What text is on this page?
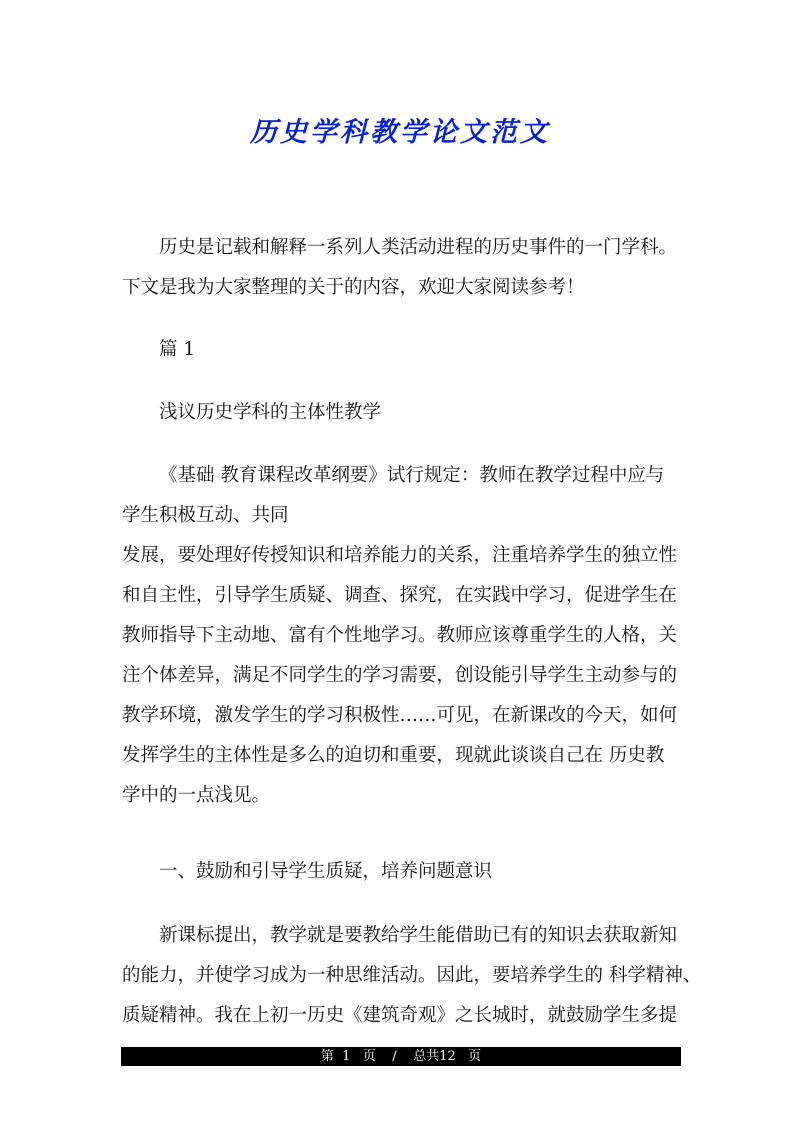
历史学科教学论文范文
历史是记载和解释一系列人类活动进程的历史事件的一门学科。
下文是我为大家整理的关于的内容，欢迎大家阅读参考！
篇 1
浅议历史学科的主体性教学
《基础 教育课程改革纲要》试行规定：教师在教学过程中应与
学生积极互动、共同
发展，要处理好传授知识和培养能力的关系，注重培养学生的独立性
和自主性，引导学生质疑、调查、探究，在实践中学习，促进学生在
教师指导下主动地、富有个性地学习。教师应该尊重学生的人格，关
注个体差异，满足不同学生的学习需要，创设能引导学生主动参与的
教学环境，激发学生的学习积极性……可见，在新课改的今天，如何
发挥学生的主体性是多么的迫切和重要，现就此谈谈自己在 历史教
学中的一点浅见。
一、鼓励和引导学生质疑，培养问题意识
新课标提出，教学就是要教给学生能借助已有的知识去获取新知
的能力，并使学习成为一种思维活动。因此，要培养学生的 科学精神、
质疑精神。我在上初一历史《建筑奇观》之长城时，就鼓励学生多提
第  1   页    /    总共12   页
